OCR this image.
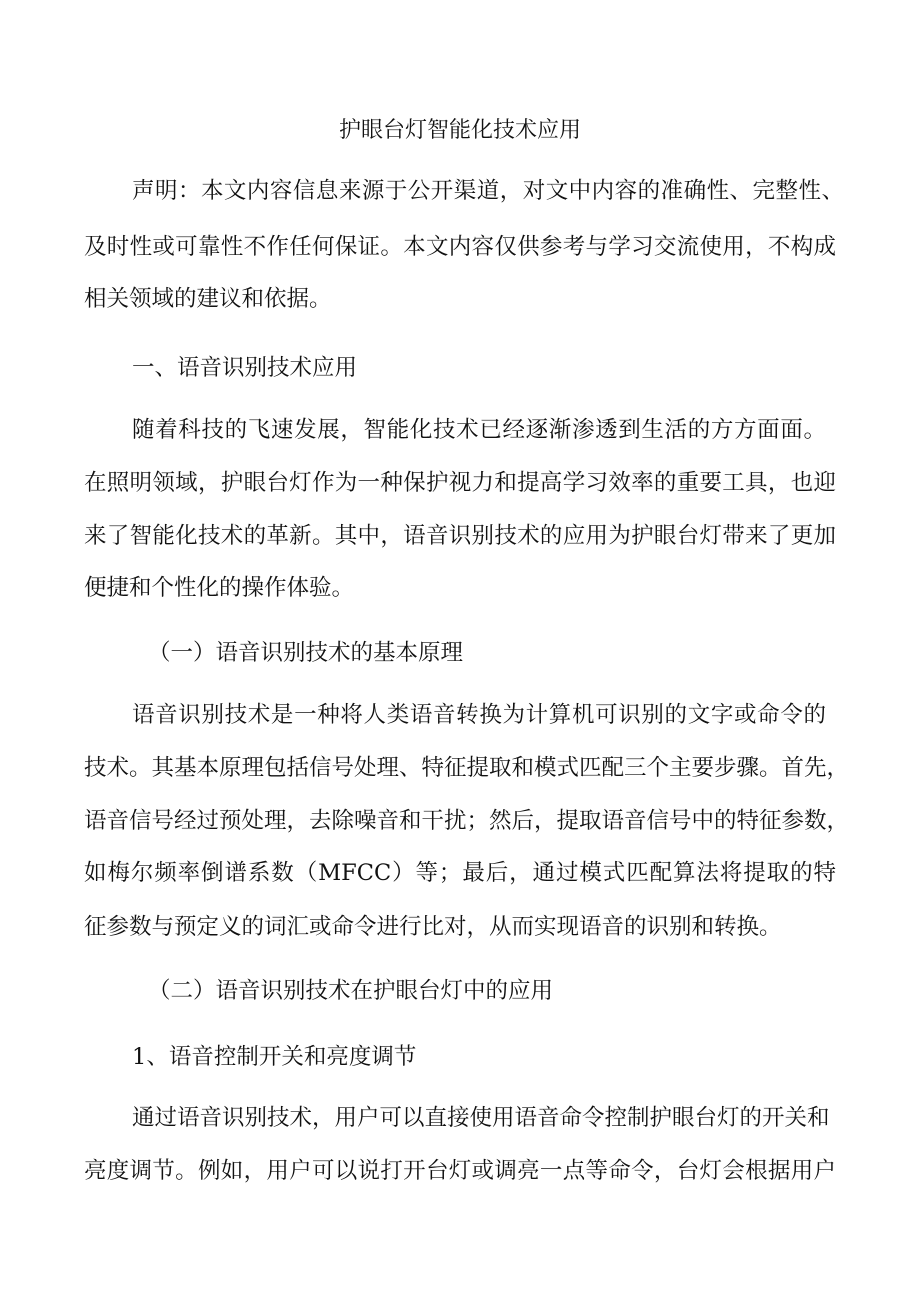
护眼台灯智能化技术应用
声明：本文内容信息来源于公开渠道，对文中内容的准确性、完整性、
及时性或可靠性不作任何保证。本文内容仅供参考与学习交流使用，不构成
相关领域的建议和依据。
一、语音识别技术应用
随着科技的飞速发展，智能化技术已经逐渐渗透到生活的方方面面。
在照明领域，护眼台灯作为一种保护视力和提高学习效率的重要工具，也迎
来了智能化技术的革新。其中，语音识别技术的应用为护眼台灯带来了更加
便捷和个性化的操作体验。
（一）语音识别技术的基本原理
语音识别技术是一种将人类语音转换为计算机可识别的文字或命令的
技术。其基本原理包括信号处理、特征提取和模式匹配三个主要步骤。首先，
语音信号经过预处理，去除噪音和干扰；然后，提取语音信号中的特征参数，
如梅尔频率倒谱系数（MFCC）等；最后，通过模式匹配算法将提取的特
征参数与预定义的词汇或命令进行比对，从而实现语音的识别和转换。
（二）语音识别技术在护眼台灯中的应用
1、语音控制开关和亮度调节
通过语音识别技术，用户可以直接使用语音命令控制护眼台灯的开关和
亮度调节。例如，用户可以说打开台灯或调亮一点等命令，台灯会根据用户
